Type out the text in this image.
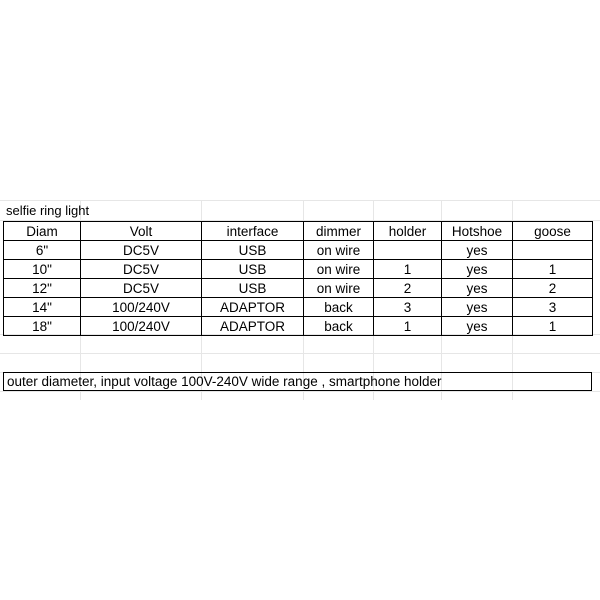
selfie ring light
Diam	Volt	interface	dimmer	holder	Hotshoe	goose
6"	DC5V	USB	on wire		yes	
10"	DC5V	USB	on wire	1	yes	1
12"	DC5V	USB	on wire	2	yes	2
14"	100/240V	ADAPTOR	back	3	yes	3
18"	100/240V	ADAPTOR	back	1	yes	1
outer diameter, input voltage 100V-240V wide range , smartphone holder
